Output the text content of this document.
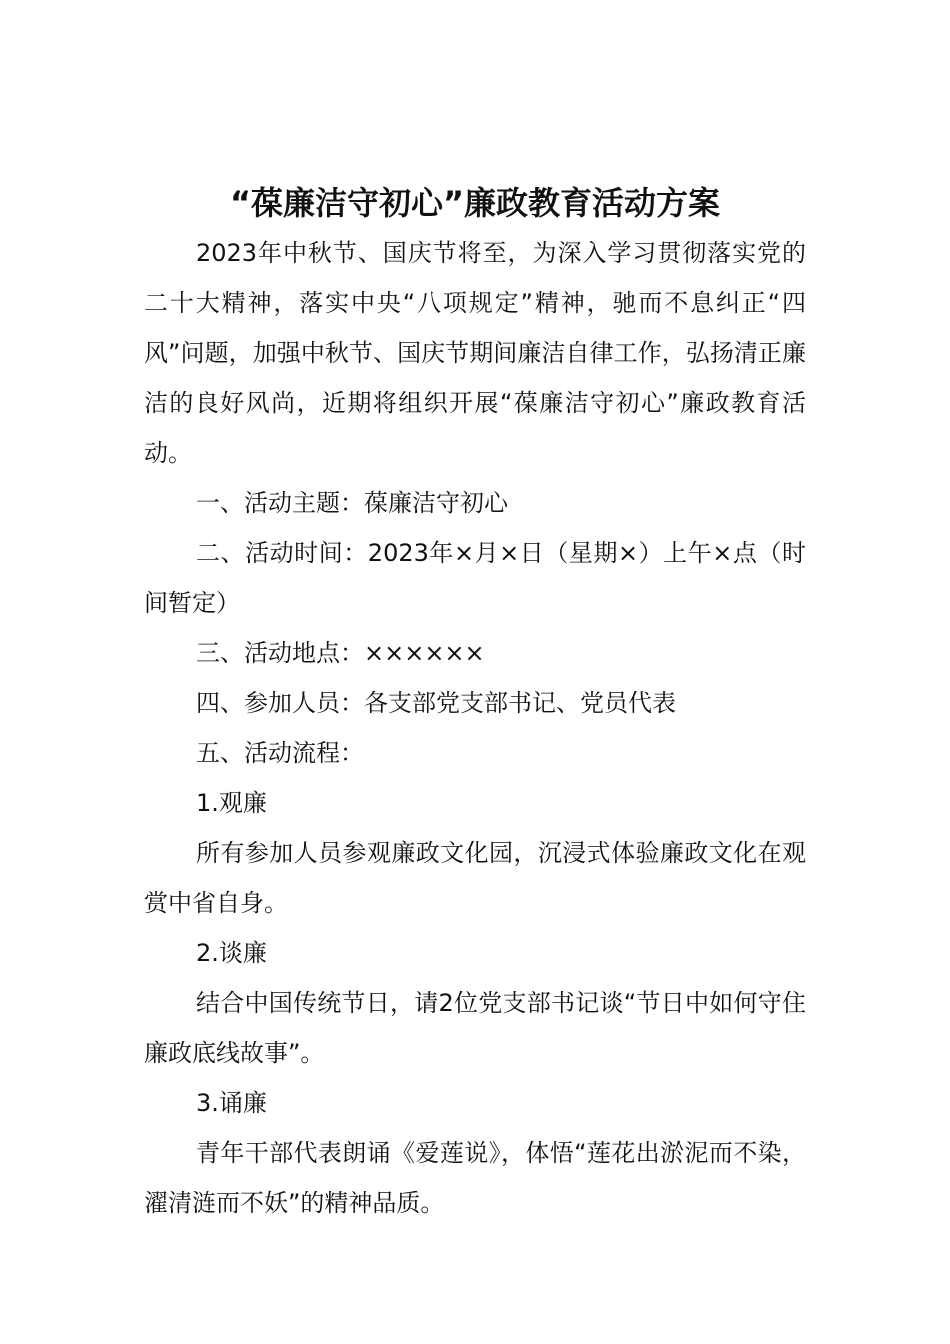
“葆廉洁守初心”廉政教育活动方案

2023年中秋节、国庆节将至，为深入学习贯彻落实党的二十大精神，落实中央“八项规定”精神，驰而不息纠正“四风”问题，加强中秋节、国庆节期间廉洁自律工作，弘扬清正廉洁的良好风尚，近期将组织开展“葆廉洁守初心”廉政教育活动。

一、活动主题：葆廉洁守初心

二、活动时间：2023年×月×日（星期×）上午×点（时间暂定）

三、活动地点：××××××

四、参加人员：各支部党支部书记、党员代表

五、活动流程：

1.观廉

所有参加人员参观廉政文化园，沉浸式体验廉政文化在观赏中省自身。

2.谈廉

结合中国传统节日，请2位党支部书记谈“节日中如何守住廉政底线故事”。

3.诵廉

青年干部代表朗诵《爱莲说》，体悟“莲花出淤泥而不染，濯清涟而不妖”的精神品质。
